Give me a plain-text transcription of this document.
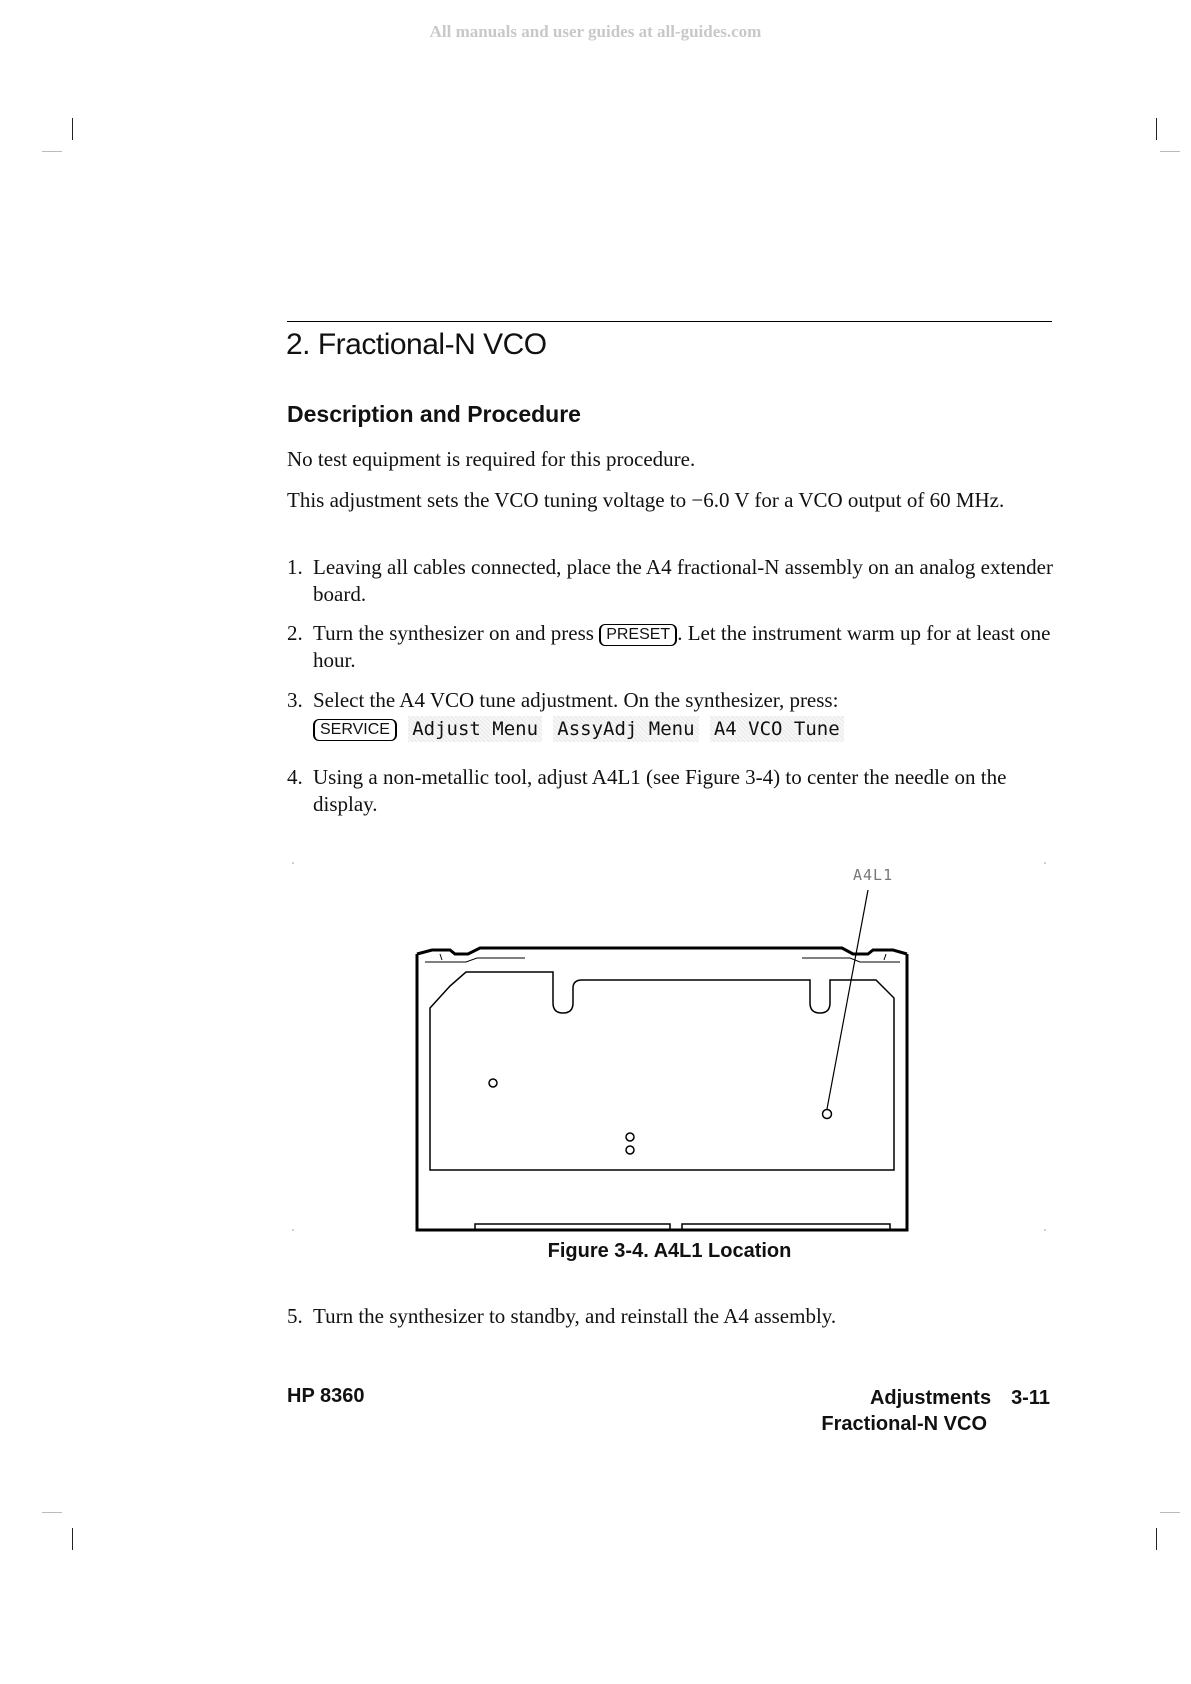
All manuals and user guides at all-guides.com
2. Fractional-N VCO
Description and Procedure
No test equipment is required for this procedure.
This adjustment sets the VCO tuning voltage to −6.0 V for a VCO output of 60 MHz.
1. Leaving all cables connected, place the A4 fractional-N assembly on an analog extender board.
2. Turn the synthesizer on and press PRESET . Let the instrument warm up for at least one hour.
3. Select the A4 VCO tune adjustment. On the synthesizer, press:
SERVICE Adjust Menu AssyAdj Menu A4 VCO Tune
4. Using a non-metallic tool, adjust A4L1 (see Figure 3-4) to center the needle on the display.
A4L1
Figure 3-4. A4L1 Location
5. Turn the synthesizer to standby, and reinstall the A4 assembly.
HP 8360	Adjustments 3-11
Fractional-N VCO
